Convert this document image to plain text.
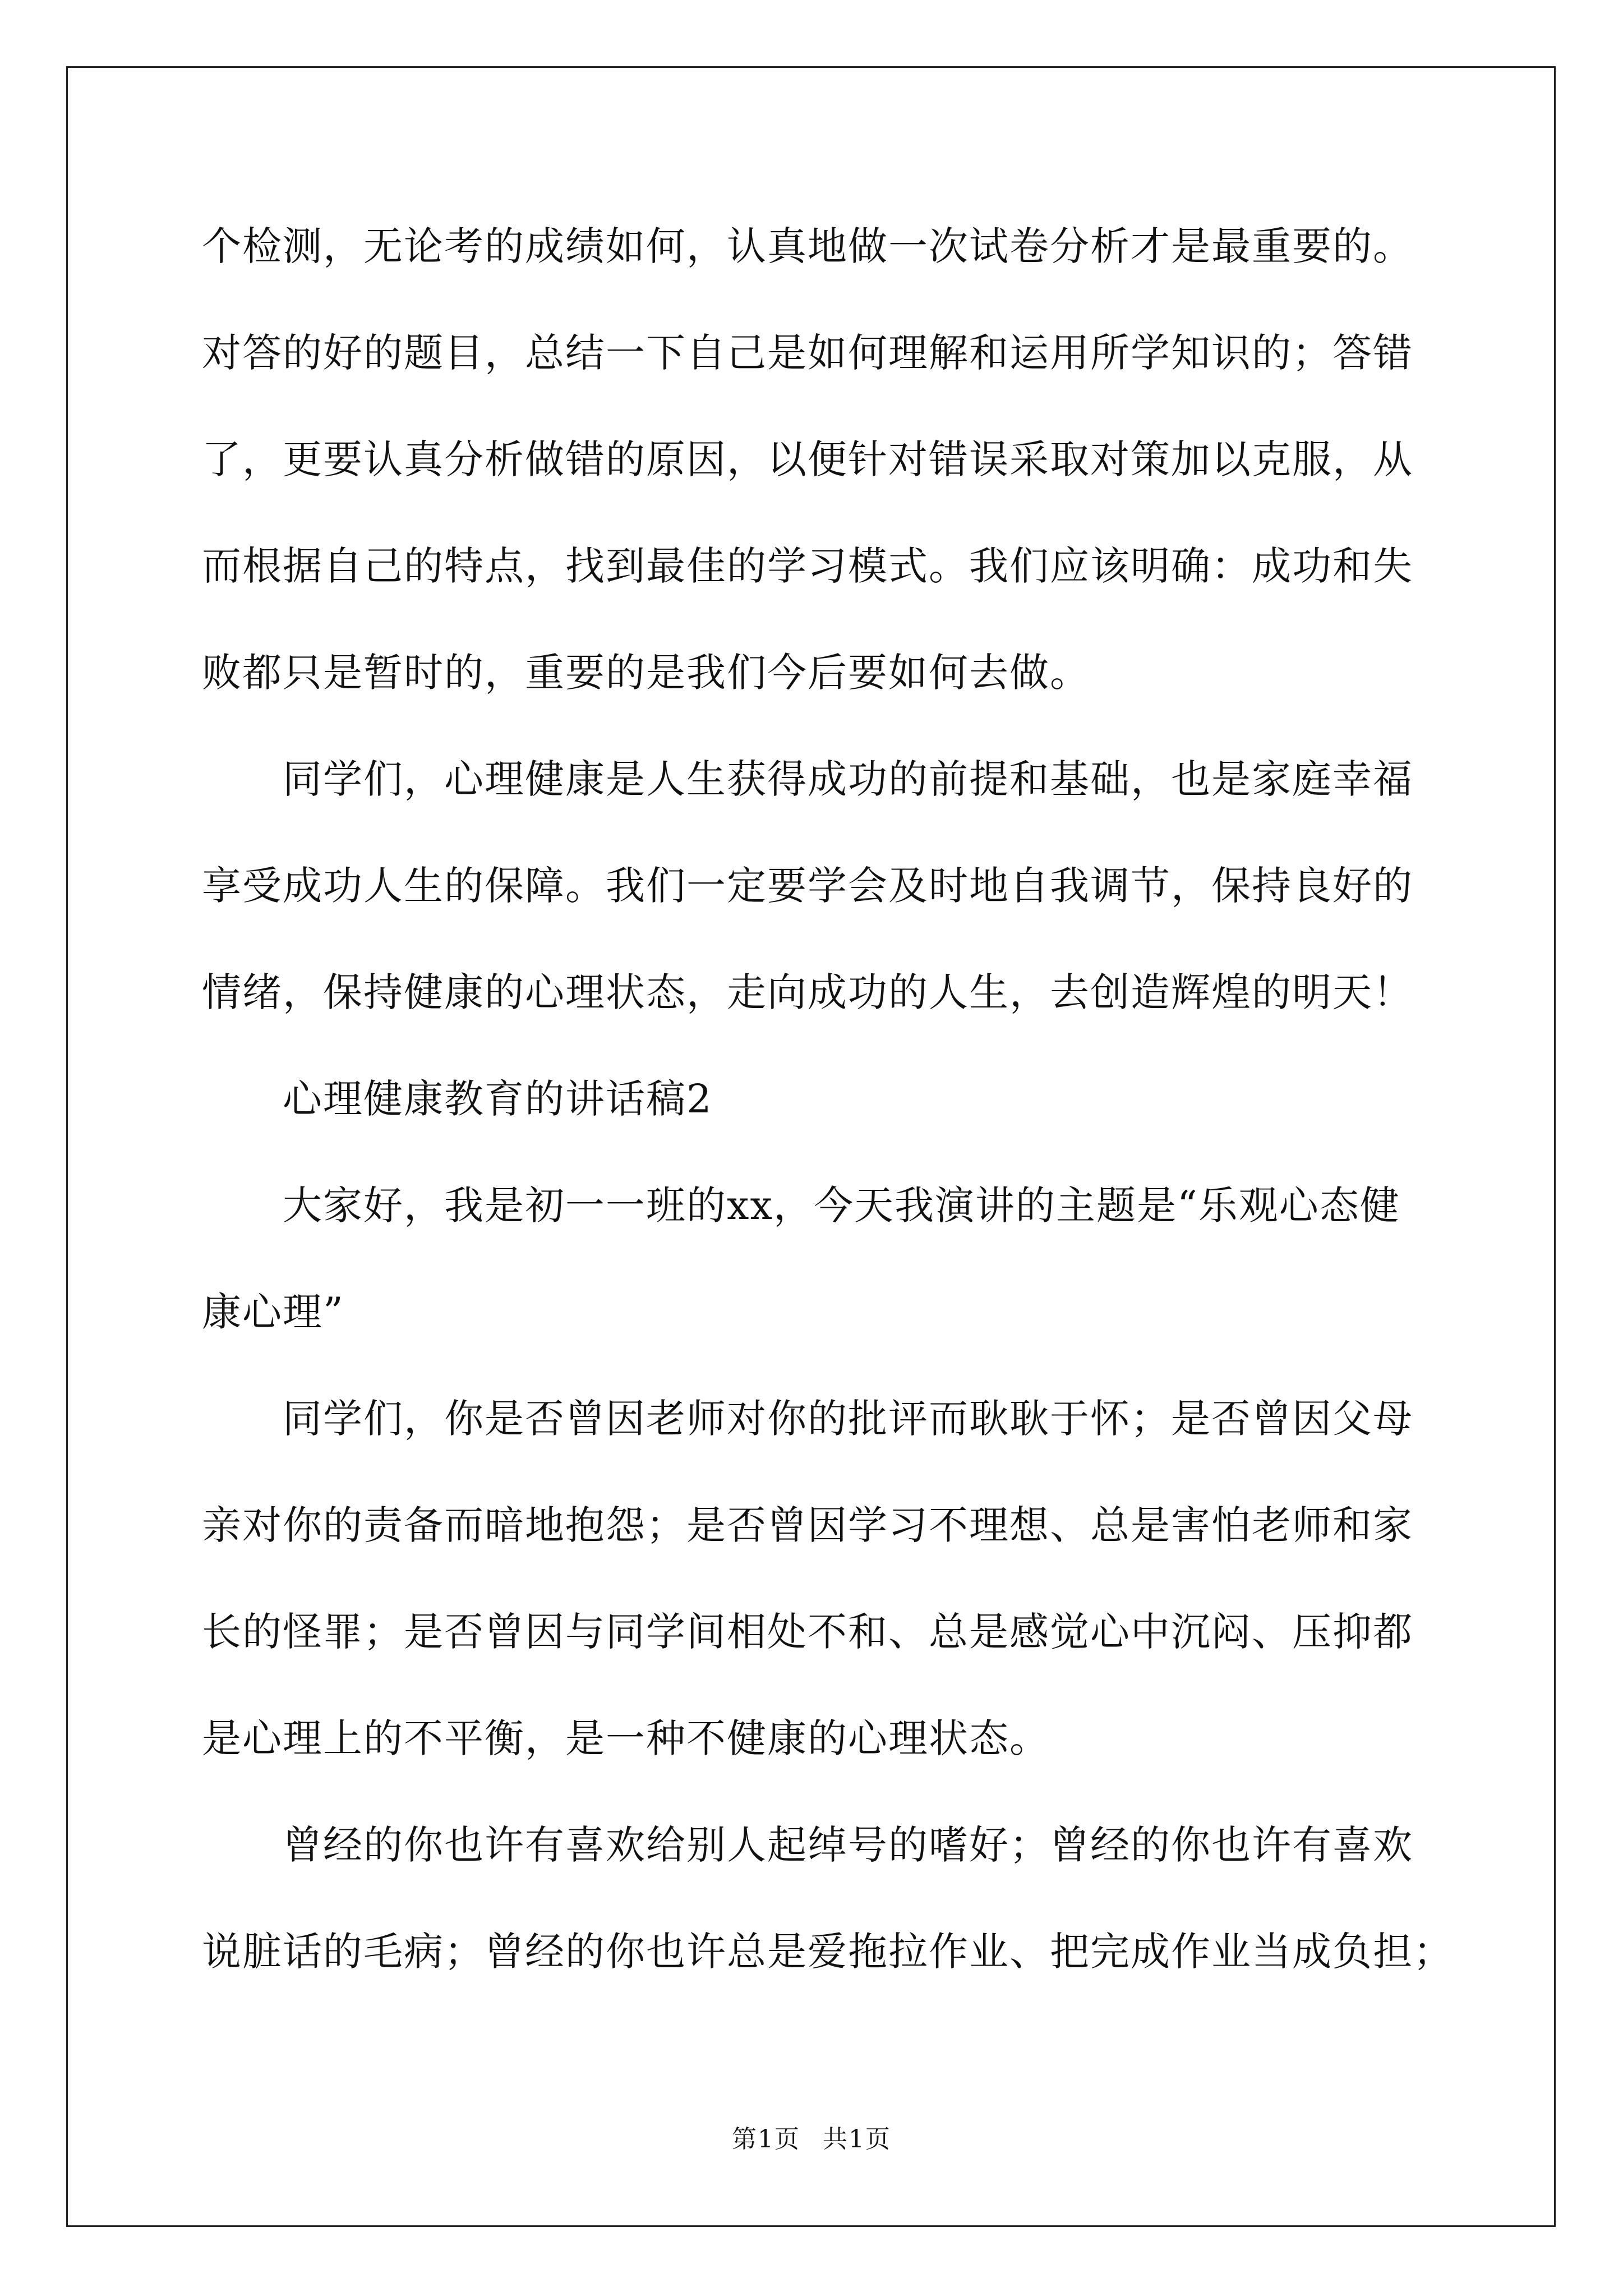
个检测，无论考的成绩如何，认真地做一次试卷分析才是最重要的。
对答的好的题目，总结一下自己是如何理解和运用所学知识的；答错
了，更要认真分析做错的原因，以便针对错误采取对策加以克服，从
而根据自己的特点，找到最佳的学习模式。我们应该明确：成功和失
败都只是暂时的，重要的是我们今后要如何去做。
同学们，心理健康是人生获得成功的前提和基础，也是家庭幸福
享受成功人生的保障。我们一定要学会及时地自我调节，保持良好的
情绪，保持健康的心理状态，走向成功的人生，去创造辉煌的明天！
心理健康教育的讲话稿2
大家好，我是初一一班的xx，今天我演讲的主题是“乐观心态健
康心理”
同学们，你是否曾因老师对你的批评而耿耿于怀；是否曾因父母
亲对你的责备而暗地抱怨；是否曾因学习不理想、总是害怕老师和家
长的怪罪；是否曾因与同学间相处不和、总是感觉心中沉闷、压抑都
是心理上的不平衡，是一种不健康的心理状态。
曾经的你也许有喜欢给别人起绰号的嗜好；曾经的你也许有喜欢
说脏话的毛病；曾经的你也许总是爱拖拉作业、把完成作业当成负担；
第1页 共1页
